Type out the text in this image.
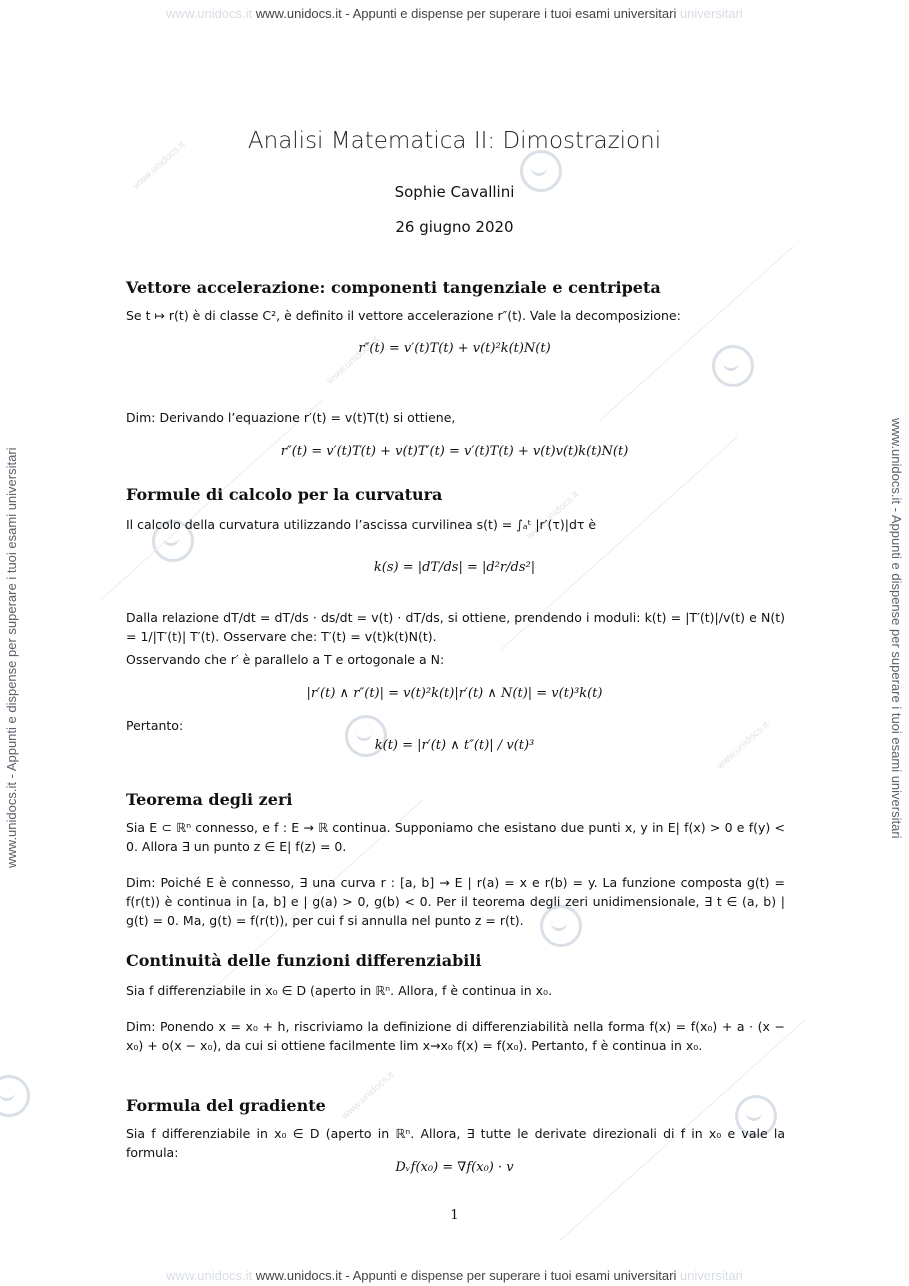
www.unidocs.it www.unidocs.it - Appunti e dispense per superare i tuoi esami universitari universitari
www.unidocs.it www.unidocs.it - Appunti e dispense per superare i tuoi esami universitari universitari
www.unidocs.it - Appunti e dispense per superare i tuoi esami universitari	www.unidocs.it - Appunti e dispense per superare i tuoi esami universitari
www.unidocs.it
www.unidocs.it
www.unidocs.it
www.unidocs.it
www.unidocs.it
Analisi Matematica II: Dimostrazioni
Sophie Cavallini
26 giugno 2020
Vettore accelerazione: componenti tangenziale e centripeta
Se t ↦ r(t) è di classe C², è definito il vettore accelerazione r″(t). Vale la decomposizione:
r″(t) = v′(t)T(t) + v(t)²k(t)N(t)
Dim: Derivando l’equazione r′(t) = v(t)T(t) si ottiene,
r″(t) = v′(t)T(t) + v(t)T′(t) = v′(t)T(t) + v(t)v(t)k(t)N(t)
Formule di calcolo per la curvatura
Il calcolo della curvatura utilizzando l’ascissa curvilinea s(t) = ∫ₐᵗ |r′(τ)|dτ è
k(s) = |dT/ds| = |d²r/ds²|
Dalla relazione dT/dt = dT/ds · ds/dt = v(t) · dT/ds, si ottiene, prendendo i moduli: k(t) = |T′(t)|/v(t) e N(t) = 1/|T′(t)| T′(t). Osservare che: T′(t) = v(t)k(t)N(t).
Osservando che r′ è parallelo a T e ortogonale a N:
|r′(t) ∧ r″(t)| = v(t)²k(t)|r′(t) ∧ N(t)| = v(t)³k(t)
Pertanto:
k(t) = |r′(t) ∧ t″(t)| / v(t)³
Teorema degli zeri
Sia E ⊂ ℝⁿ connesso, e f : E → ℝ continua. Supponiamo che esistano due punti x, y in E| f(x) > 0 e f(y) < 0. Allora ∃ un punto z ∈ E| f(z) = 0.
Dim: Poiché E è connesso, ∃ una curva r : [a, b] → E | r(a) = x e r(b) = y. La funzione composta g(t) = f(r(t)) è continua in [a, b] e | g(a) > 0, g(b) < 0. Per il teorema degli zeri unidimensionale, ∃ t ∈ (a, b) | g(t) = 0. Ma, g(t) = f(r(t)), per cui f si annulla nel punto z = r(t).
Continuità delle funzioni differenziabili
Sia f differenziabile in x₀ ∈ D (aperto in ℝⁿ. Allora, f è continua in x₀.
Dim: Ponendo x = x₀ + h, riscriviamo la definizione di differenziabilità nella forma f(x) = f(x₀) + a · (x − x₀) + o(x − x₀), da cui si ottiene facilmente lim x→x₀ f(x) = f(x₀). Pertanto, f è continua in x₀.
Formula del gradiente
Sia f differenziabile in x₀ ∈ D (aperto in ℝⁿ. Allora, ∃ tutte le derivate direzionali di f in x₀ e vale la formula:
Dᵥf(x₀) = ∇f(x₀) · v
1
